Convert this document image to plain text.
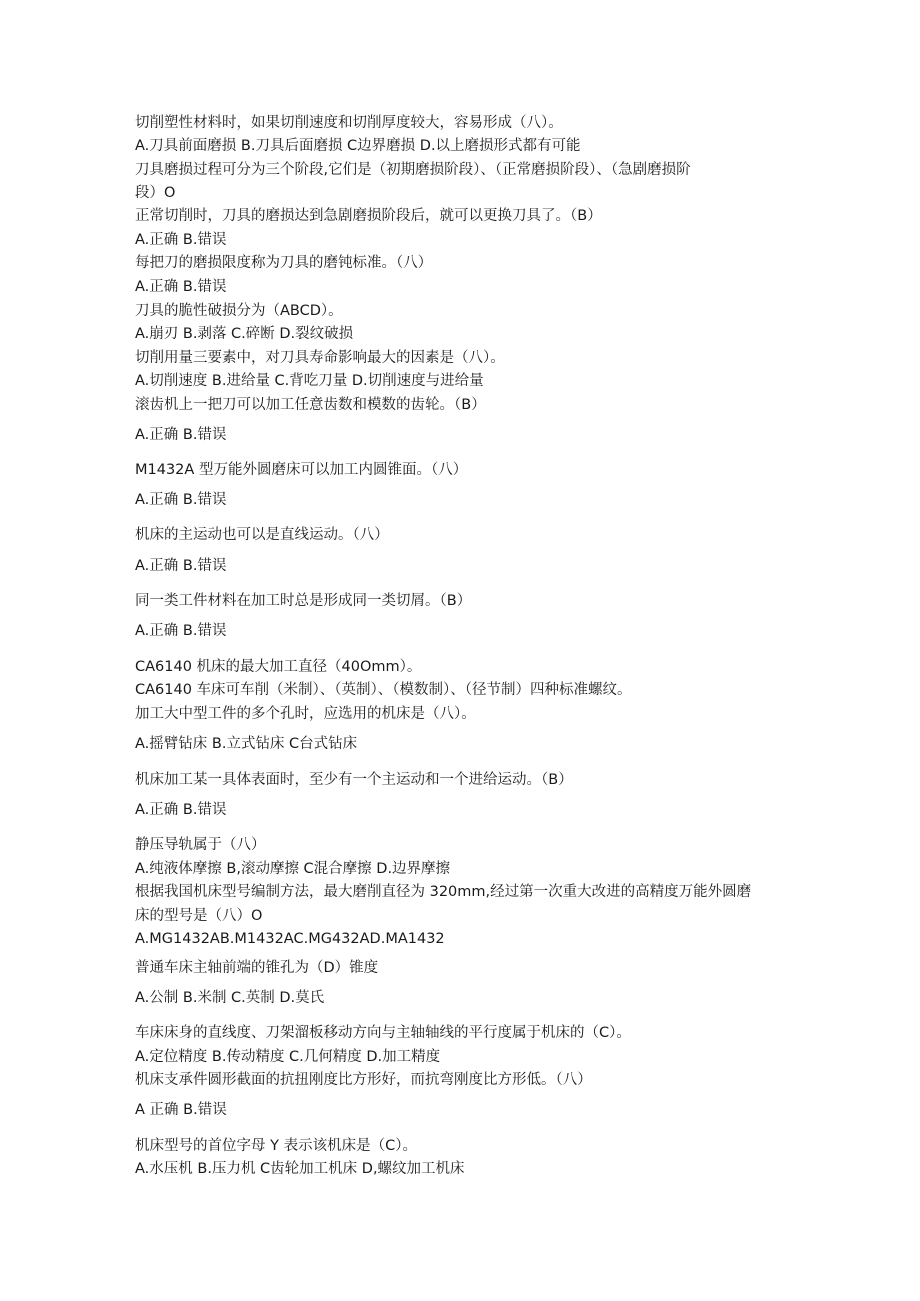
切削塑性材料时，如果切削速度和切削厚度较大，容易形成（八）。
A.刀具前面磨损 B.刀具后面磨损 C边界磨损 D.以上磨损形式都有可能
刀具磨损过程可分为三个阶段,它们是（初期磨损阶段）、（正常磨损阶段）、（急剧磨损阶
段）O
正常切削时，刀具的磨损达到急剧磨损阶段后，就可以更换刀具了。（B）
A.正确 B.错误
每把刀的磨损限度称为刀具的磨钝标准。（八）
A.正确 B.错误
刀具的脆性破损分为（ABCD）。
A.崩刃 B.剥落 C.碎断 D.裂纹破损
切削用量三要素中，对刀具寿命影响最大的因素是（八）。
A.切削速度 B.进给量 C.背吃刀量 D.切削速度与进给量
滚齿机上一把刀可以加工任意齿数和模数的齿轮。（B）
A.正确 B.错误
M1432A 型万能外圆磨床可以加工内圆锥面。（八）
A.正确 B.错误
机床的主运动也可以是直线运动。（八）
A.正确 B.错误
同一类工件材料在加工时总是形成同一类切屑。（B）
A.正确 B.错误
CA6140 机床的最大加工直径（40Omm）。
CA6140 车床可车削（米制）、（英制）、（模数制）、（径节制）四种标准螺纹。
加工大中型工件的多个孔时，应选用的机床是（八）。
A.摇臂钻床 B.立式钻床 C台式钻床
机床加工某一具体表面时，至少有一个主运动和一个进给运动。（B）
A.正确 B.错误
静压导轨属于（八）
A.纯液体摩擦 B,滚动摩擦 C混合摩擦 D.边界摩擦
根据我国机床型号编制方法，最大磨削直径为 320mm,经过第一次重大改进的高精度万能外圆磨
床的型号是（八）O
A.MG1432AB.M1432AC.MG432AD.MA1432
普通车床主轴前端的锥孔为（D）锥度
A.公制 B.米制 C.英制 D.莫氏
车床床身的直线度、刀架溜板移动方向与主轴轴线的平行度属于机床的（C）。
A.定位精度 B.传动精度 C.几何精度 D.加工精度
机床支承件圆形截面的抗扭刚度比方形好，而抗弯刚度比方形低。（八）
A 正确 B.错误
机床型号的首位字母 Y 表示该机床是（C）。
A.水压机 B.压力机 C齿轮加工机床 D,螺纹加工机床
